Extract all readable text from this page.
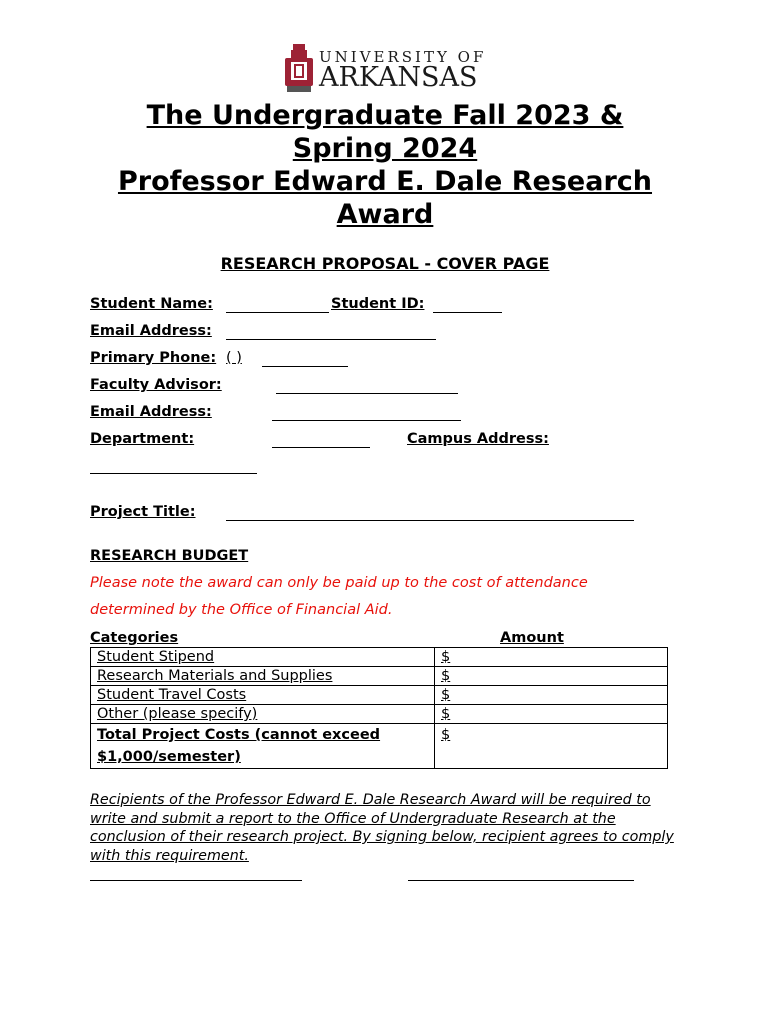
UNIVERSITY OF
ARKANSAS
The Undergraduate Fall 2023 &
Spring 2024
Professor Edward E. Dale Research
Award
RESEARCH PROPOSAL - COVER PAGE
Student Name:	Student ID:
Email Address:
Primary Phone: ( )
Faculty Advisor:
Email Address:
Department:	Campus Address:
Project Title:
RESEARCH BUDGET
Please note the award can only be paid up to the cost of attendance
determined by the Office of Financial Aid.
Categories	Amount
Student Stipend	$
Research Materials and Supplies	$
Student Travel Costs	$
Other (please specify)	$

Total Project Costs (cannot exceed
$1,000/semester)	$
Recipients of the Professor Edward E. Dale Research Award will be required to write and submit a report to the Office of Undergraduate Research at the conclusion of their research project. By signing below, recipient agrees to comply with this requirement.
